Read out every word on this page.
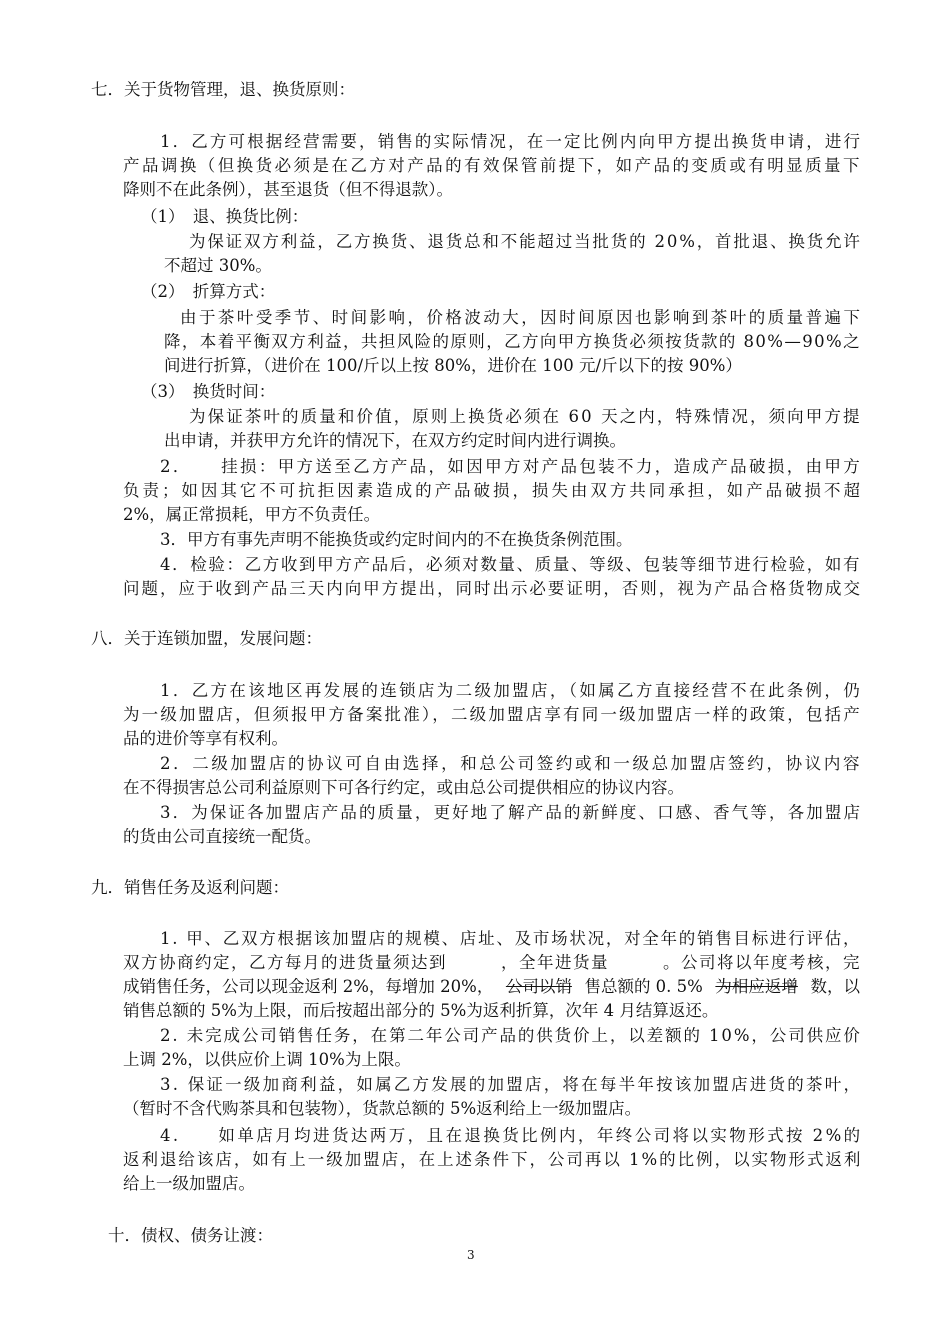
七．关于货物管理，退、换货原则：
1．乙方可根据经营需要，销售的实际情况，在一定比例内向甲方提出换货申请，进行
产品调换（但换货必须是在乙方对产品的有效保管前提下，如产品的变质或有明显质量下
降则不在此条例），甚至退货（但不得退款）。
（1）　退、换货比例：
为保证双方利益，乙方换货、退货总和不能超过当批货的 20%，首批退、换货允许
不超过 30%。
（2）　折算方式：
由于茶叶受季节、时间影响，价格波动大，因时间原因也影响到茶叶的质量普遍下
降，本着平衡双方利益，共担风险的原则，乙方向甲方换货必须按货款的 80%—90%之
间进行折算，（进价在 100/斤以上按 80%，进价在 100 元/斤以下的按 90%）
（3）　换货时间：
为保证茶叶的质量和价值，原则上换货必须在 60 天之内，特殊情况，须向甲方提
出申请，并获甲方允许的情况下，在双方约定时间内进行调换。
2．　　挂损：甲方送至乙方产品，如因甲方对产品包装不力，造成产品破损，由甲方
负责；如因其它不可抗拒因素造成的产品破损，损失由双方共同承担，如产品破损不超
2%，属正常损耗，甲方不负责任。
3．甲方有事先声明不能换货或约定时间内的不在换货条例范围。
4．检验：乙方收到甲方产品后，必须对数量、质量、等级、包装等细节进行检验，如有
问题，应于收到产品三天内向甲方提出，同时出示必要证明，否则，视为产品合格货物成交
八．关于连锁加盟，发展问题：
1．乙方在该地区再发展的连锁店为二级加盟店，（如属乙方直接经营不在此条例，仍
为一级加盟店，但须报甲方备案批准），二级加盟店享有同一级加盟店一样的政策，包括产
品的进价等享有权利。
2．二级加盟店的协议可自由选择，和总公司签约或和一级总加盟店签约，协议内容
在不得损害总公司利益原则下可各行约定，或由总公司提供相应的协议内容。
3．为保证各加盟店产品的质量，更好地了解产品的新鲜度、口感、香气等，各加盟店
的货由公司直接统一配货。
九．销售任务及返利问题：
1. 甲、乙双方根据该加盟店的规模、店址、及市场状况，对全年的销售目标进行评估，
双方协商约定，乙方每月的进货量须达到　　　，全年进货量　　　。公司将以年度考核，完
成销售任务，公司以现金返利 2%，每增加 20%， 公司以销 售总额的 0. 5% 为相应返增 数，以
销售总额的 5%为上限，而后按超出部分的 5%为返利折算，次年 4 月结算返还。
2. 未完成公司销售任务，在第二年公司产品的供货价上，以差额的 10%，公司供应价
上调 2%，以供应价上调 10%为上限。
3. 保证一级加商利益，如属乙方发展的加盟店，将在每半年按该加盟店进货的茶叶，
（暂时不含代购茶具和包装物），货款总额的 5%返利给上一级加盟店。
4.　　如单店月均进货达两万，且在退换货比例内，年终公司将以实物形式按 2%的
返利退给该店，如有上一级加盟店，在上述条件下，公司再以 1%的比例，以实物形式返利
给上一级加盟店。
十．债权、债务让渡：
3
